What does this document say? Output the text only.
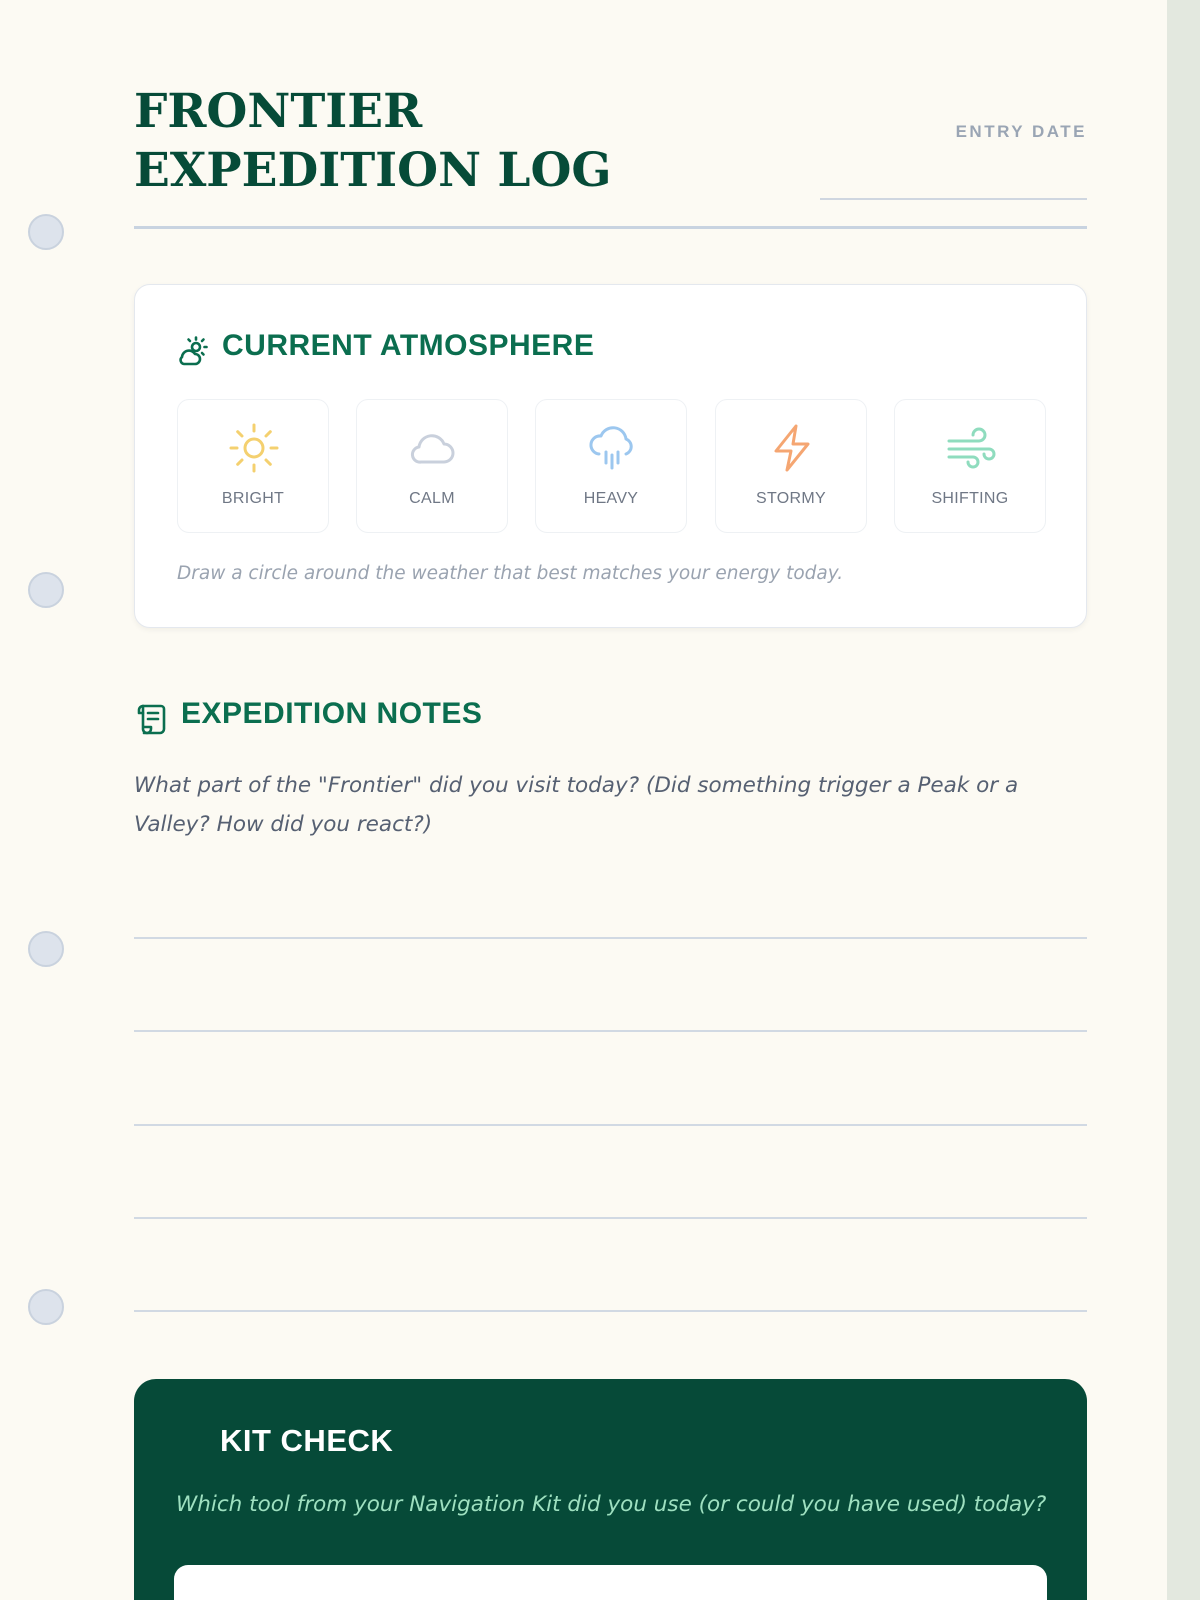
FRONTIER EXPEDITION LOG
ENTRY DATE
CURRENT ATMOSPHERE
BRIGHT	CALM	HEAVY	STORMY	SHIFTING

Draw a circle around the weather that best matches your energy today.

EXPEDITION NOTES

What part of the "Frontier" did you visit today? (Did something trigger a Peak or a Valley? How did you react?)

KIT CHECK

Which tool from your Navigation Kit did you use (or could you have used) today?
